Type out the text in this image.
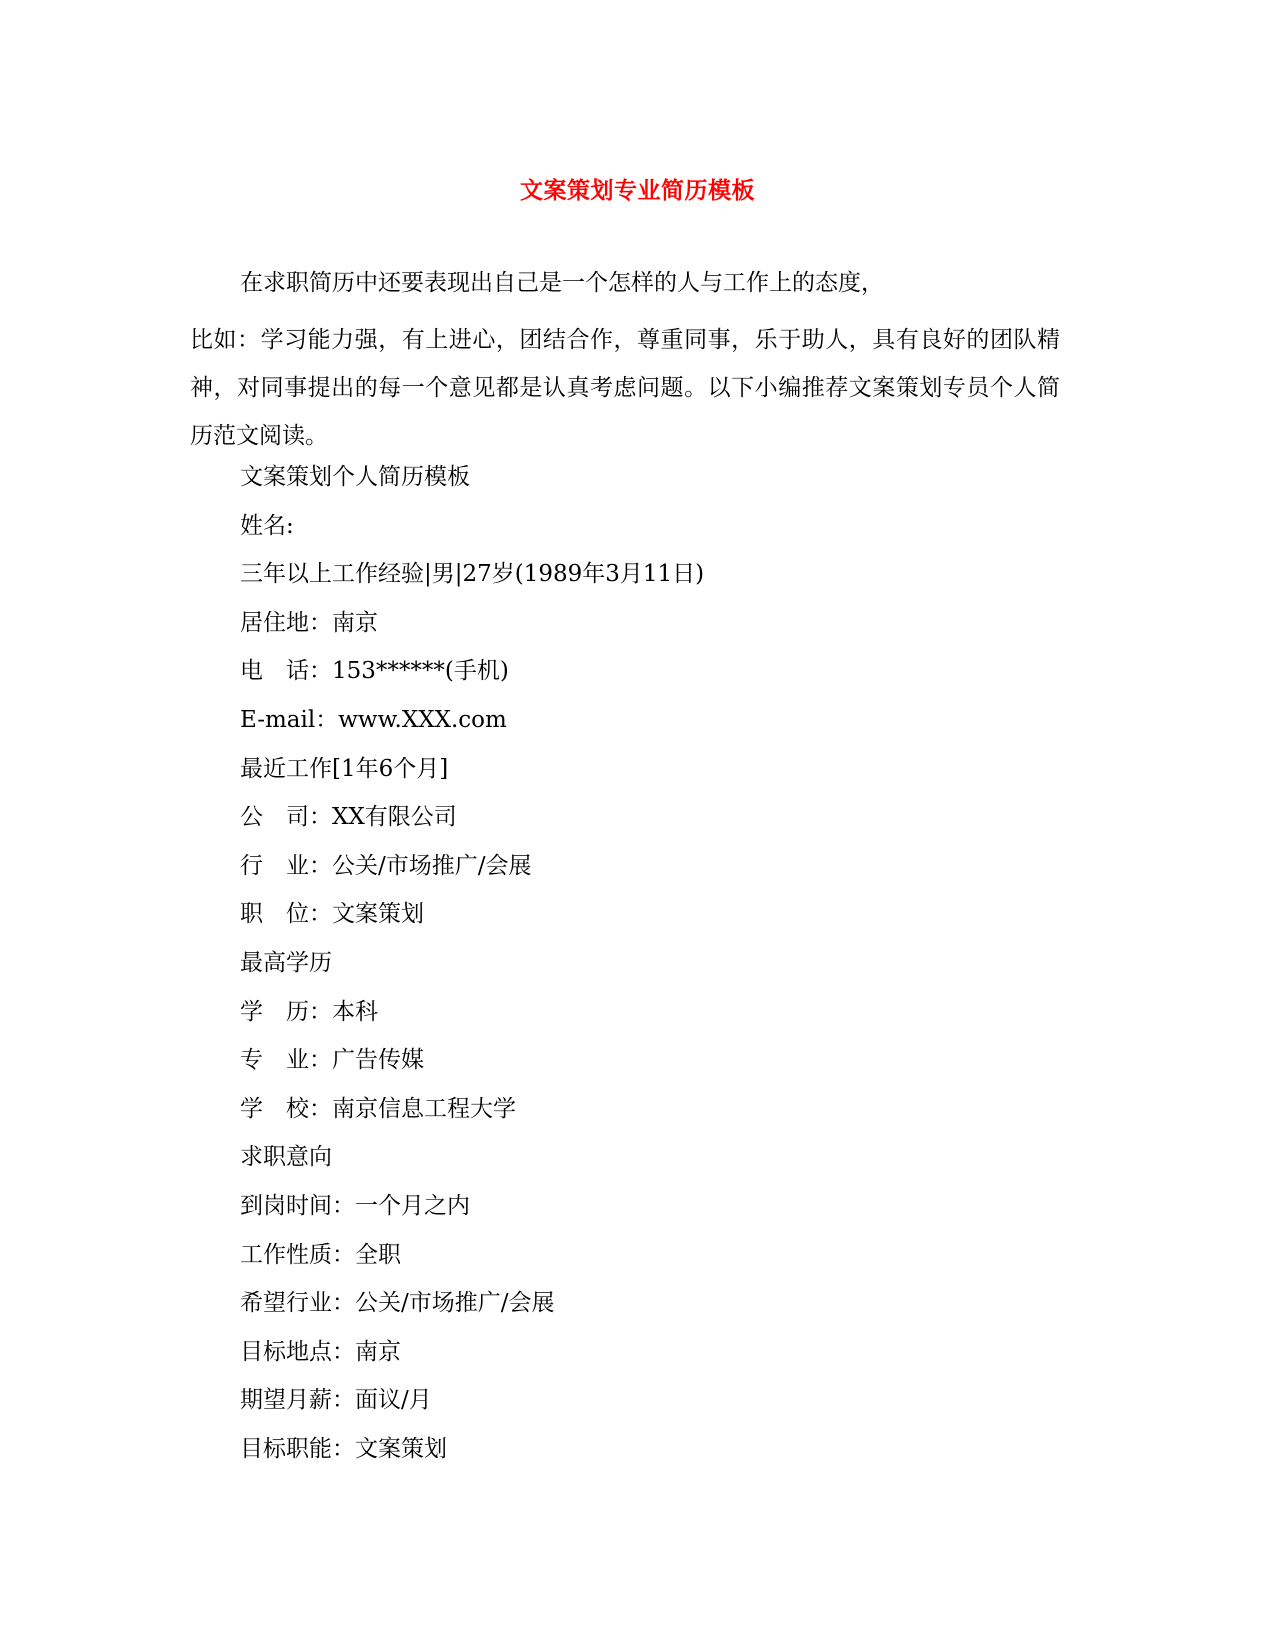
文案策划专业简历模板
在求职简历中还要表现出自己是一个怎样的人与工作上的态度，
比如：学习能力强，有上进心，团结合作，尊重同事，乐于助人，具有良好的团队精神，对同事提出的每一个意见都是认真考虑问题。以下小编推荐文案策划专员个人简历范文阅读。
文案策划个人简历模板
姓名:
三年以上工作经验|男|27岁(1989年3月11日)
居住地：南京
电　话：153******(手机)
E-mail：www.XXX.com
最近工作[1年6个月]
公　司：XX有限公司
行　业：公关/市场推广/会展
职　位：文案策划
最高学历
学　历：本科
专　业：广告传媒
学　校：南京信息工程大学
求职意向
到岗时间：一个月之内
工作性质：全职
希望行业：公关/市场推广/会展
目标地点：南京
期望月薪：面议/月
目标职能：文案策划
